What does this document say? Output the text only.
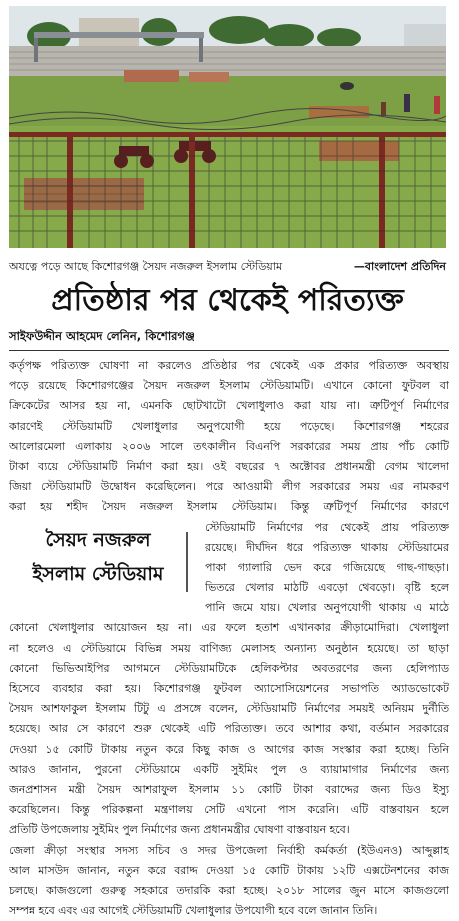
অযত্নে পড়ে আছে কিশোরগঞ্জ সৈয়দ নজরুল ইসলাম স্টেডিয়াম	—বাংলাদেশ প্রতিদিন
প্রতিষ্ঠার পর থেকেই পরিত্যক্ত
সাইফউদ্দীন আহমেদ লেনিন, কিশোরগঞ্জ
সৈয়দ নজরুল
ইসলাম স্টেডিয়াম
কর্তৃপক্ষ পরিত্যক্ত ঘোষণা না করলেও প্রতিষ্ঠার পর থেকেই এক প্রকার পরিত্যক্ত অবস্থায়
পড়ে রয়েছে কিশোরগঞ্জের সৈয়দ নজরুল ইসলাম স্টেডিয়ামটি। এখানে কোনো ফুটবল বা
ক্রিকেটের আসর হয় না, এমনকি ছোটখাটো খেলাধুলাও করা যায় না। ত্রুটিপূর্ণ নির্মাণের
কারণেই স্টেডিয়ামটি খেলাধুলার অনুপযোগী হয়ে পড়েছে। কিশোরগঞ্জ শহরের
আলোরমেলা এলাকায় ২০০৬ সালে তৎকালীন বিএনপি সরকারের সময় প্রায় পাঁচ কোটি
টাকা ব্যয়ে স্টেডিয়ামটি নির্মাণ করা হয়। ওই বছরের ৭ অক্টোবর প্রধানমন্ত্রী বেগম খালেদা
জিয়া স্টেডিয়ামটি উদ্বোধন করেছিলেন। পরে আওয়ামী লীগ সরকারের সময় এর নামকরণ
করা হয় শহীদ সৈয়দ নজরুল ইসলাম স্টেডিয়াম। কিন্তু ত্রুটিপূর্ণ নির্মাণের কারণে
স্টেডিয়ামটি নির্মাণের পর থেকেই প্রায় পরিত্যক্ত
রয়েছে। দীর্ঘদিন ধরে পরিত্যক্ত থাকায় স্টেডিয়ামের
পাকা গ্যালারি ভেদ করে গজিয়েছে গাছ-গাছড়া।
ভিতরে খেলার মাঠটি এবড়ো থেবড়ো। বৃষ্টি হলে
পানি জমে যায়। খেলার অনুপযোগী থাকায় এ মাঠে
কোনো খেলাধুলার আয়োজন হয় না। এর ফলে হতাশ এখানকার ক্রীড়ামোদিরা। খেলাধুলা
না হলেও এ স্টেডিয়ামে বিভিন্ন সময় বাণিজ্য মেলাসহ অন্যান্য অনুষ্ঠান হয়েছে। তা ছাড়া
কোনো ভিভিআইপির আগমনে স্টেডিয়ামটিকে হেলিকপ্টার অবতরণের জন্য হেলিপ্যাড
হিসেবে ব্যবহার করা হয়। কিশোরগঞ্জ ফুটবল অ্যাসোসিয়েশনের সভাপতি অ্যাডভোকেট
সৈয়দ আশফাকুল ইসলাম টিটু এ প্রসঙ্গে বলেন, স্টেডিয়ামটি নির্মাণের সময়ই অনিয়ম দুর্নীতি
হয়েছে। আর সে কারণে শুরু থেকেই এটি পরিত্যক্ত। তবে আশার কথা, বর্তমান সরকারের
দেওয়া ১৫ কোটি টাকায় নতুন করে কিছু কাজ ও আগের কাজ সংস্কার করা হচ্ছে। তিনি
আরও জানান, পুরনো স্টেডিয়ামে একটি সুইমিং পুল ও ব্যায়ামাগার নির্মাণের জন্য
জনপ্রশাসন মন্ত্রী সৈয়দ আশরাফুল ইসলাম ১১ কোটি টাকা বরাদ্দের জন্য ডিও ইস্যু
করেছিলেন। কিন্তু পরিকল্পনা মন্ত্রণালয় সেটি এখনো পাস করেনি। এটি বাস্তবায়ন হলে
প্রতিটি উপজেলায় সুইমিং পুল নির্মাণের জন্য প্রধানমন্ত্রীর ঘোষণা বাস্তবায়ন হবে।
জেলা ক্রীড়া সংস্থার সদস্য সচিব ও সদর উপজেলা নির্বাহী কর্মকর্তা (ইউএনও) আব্দুল্লাহ
আল মাসউদ জানান, নতুন করে বরাদ্দ দেওয়া ১৫ কোটি টাকায় ১২টি এক্সটেনশনের কাজ
চলছে। কাজগুলো গুরুত্ব সহকারে তদারকি করা হচ্ছে। ২০১৮ সালের জুন মাসে কাজগুলো
সম্পন্ন হবে এবং এর আগেই স্টেডিয়ামটি খেলাধুলার উপযোগী হবে বলে জানান তিনি।
